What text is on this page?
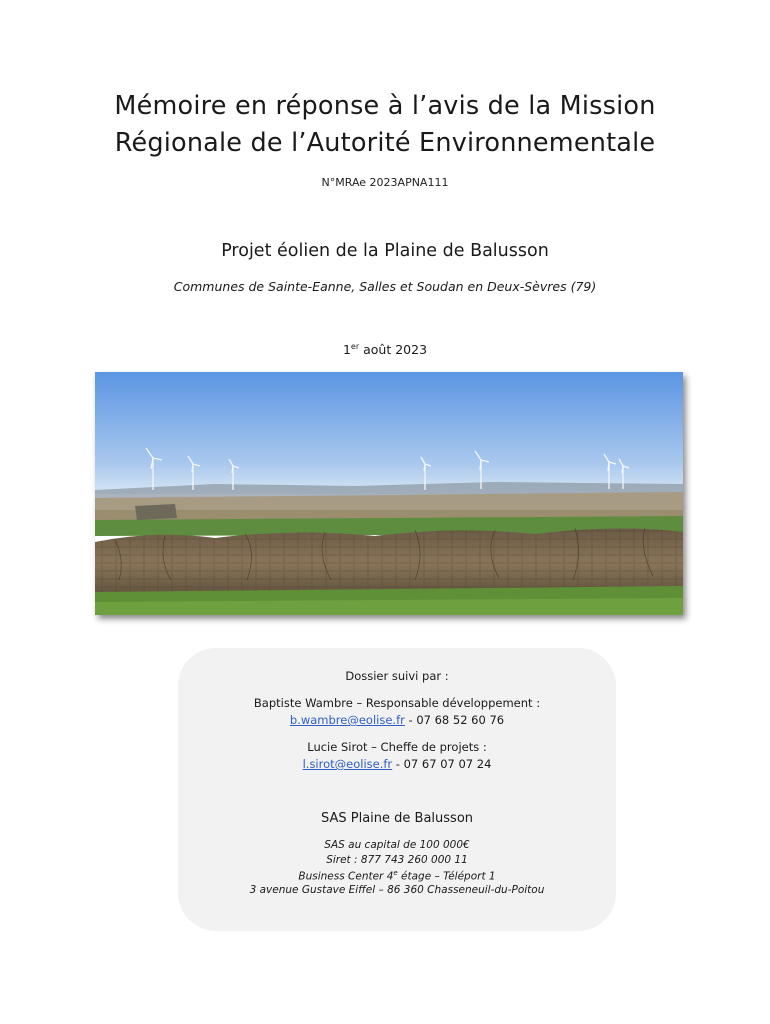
Mémoire en réponse à l’avis de la Mission
Régionale de l’Autorité Environnementale
N°MRAe 2023APNA111
Projet éolien de la Plaine de Balusson
Communes de Sainte-Eanne, Salles et Soudan en Deux-Sèvres (79)
1er août 2023
Dossier suivi par :
Baptiste Wambre – Responsable développement :
b.wambre@eolise.fr - 07 68 52 60 76
Lucie Sirot – Cheffe de projets :
l.sirot@eolise.fr - 07 67 07 07 24
SAS Plaine de Balusson
SAS au capital de 100 000€
Siret : 877 743 260 000 11
Business Center 4e étage – Téléport 1
3 avenue Gustave Eiffel – 86 360 Chasseneuil-du-Poitou
